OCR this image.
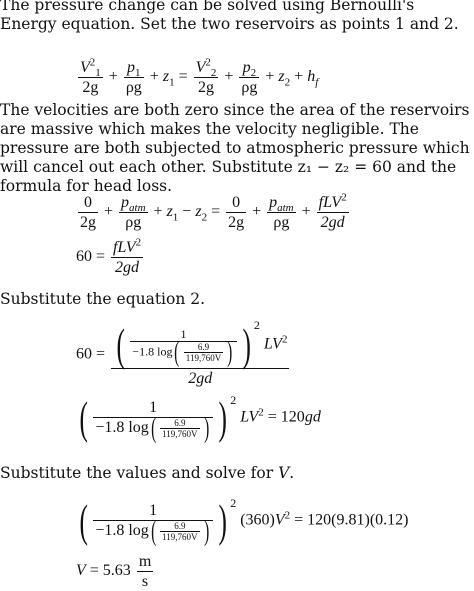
The pressure change can be solved using Bernoulli's Energy equation. Set the two reservoirs as points 1 and 2.

$\frac{V^2_1}{2g} + \frac{p_1}{\rho g} + z_1 = \frac{V^2_2}{2g} + \frac{p_2}{\rho g} + z_2 + h_f$

The velocities are both zero since the area of the reservoirs are massive which makes the velocity negligible. The pressure are both subjected to atmospheric pressure which will cancel out each other. Substitute z₁ − z₂ = 60 and the formula for head loss.

$\frac{0}{2g} + \frac{p_{atm}}{\rho g} + z_1 - z_2 = \frac{0}{2g} + \frac{p_{atm}}{\rho g} + \frac{fLV^2}{2gd}$
$60 = \frac{fLV^2}{2gd}$

Substitute the equation 2.

$60 = \frac{( \frac{1}{-1.8 \log( \frac{6.9}{119,760V} )} ) 2 LV^2}{2gd}$
( $\frac{1}{-1.8 \log( \frac{6.9}{119,760V} )}$ ) 2 $LV^2 = 120gd$

Substitute the values and solve for V.

( $\frac{1}{-1.8 \log( \frac{6.9}{119,760V} )}$ ) 2 $(360)V^2 = 120(9.81)(0.12)$
$V = 5.63 \frac{m}{s}$
